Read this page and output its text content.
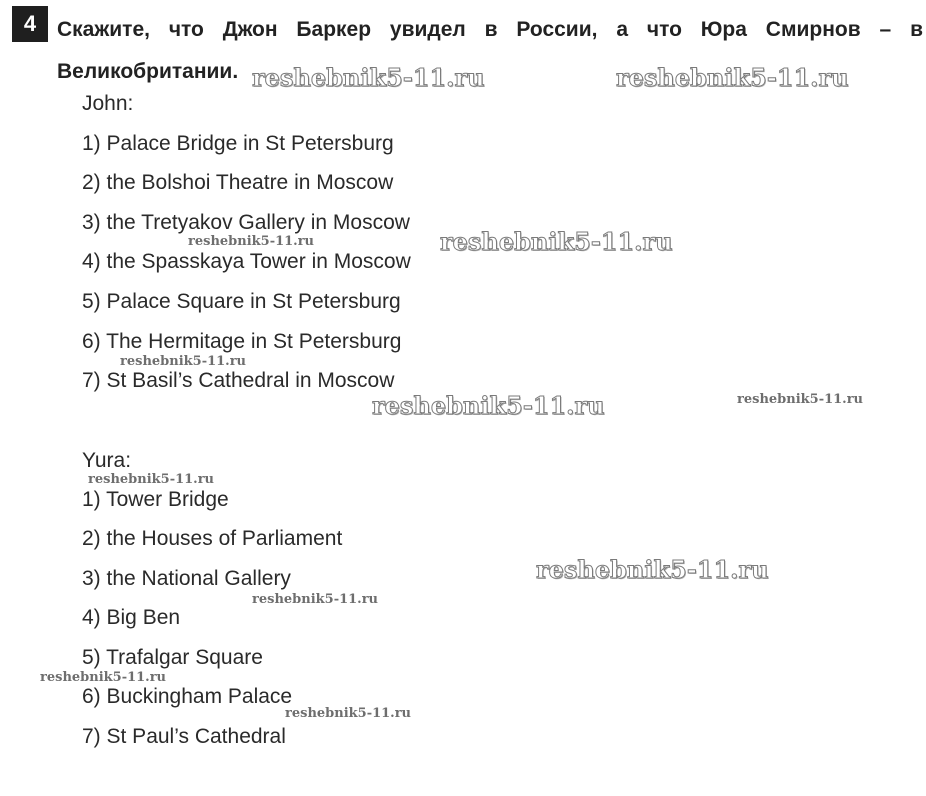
4 Скажите, что Джон Баркер увидел в России, а что Юра Смирнов – в
Великобритании.
John:
1) Palace Bridge in St Petersburg
2) the Bolshoi Theatre in Moscow
3) the Tretyakov Gallery in Moscow
4) the Spasskaya Tower in Moscow
5) Palace Square in St Petersburg
6) The Hermitage in St Petersburg
7) St Basil’s Cathedral in Moscow
Yura:
1) Tower Bridge
2) the Houses of Parliament
3) the National Gallery
4) Big Ben
5) Trafalgar Square
6) Buckingham Palace
7) St Paul’s Cathedral
reshebnik5-11.ru	reshebnik5-11.ru
reshebnik5-11.ru
reshebnik5-11.ru
reshebnik5-11.ru
reshebnik5-11.ru	reshebnik5-11.ru
reshebnik5-11.ru
reshebnik5-11.ru
reshebnik5-11.ru
reshebnik5-11.ru
reshebnik5-11.ru
